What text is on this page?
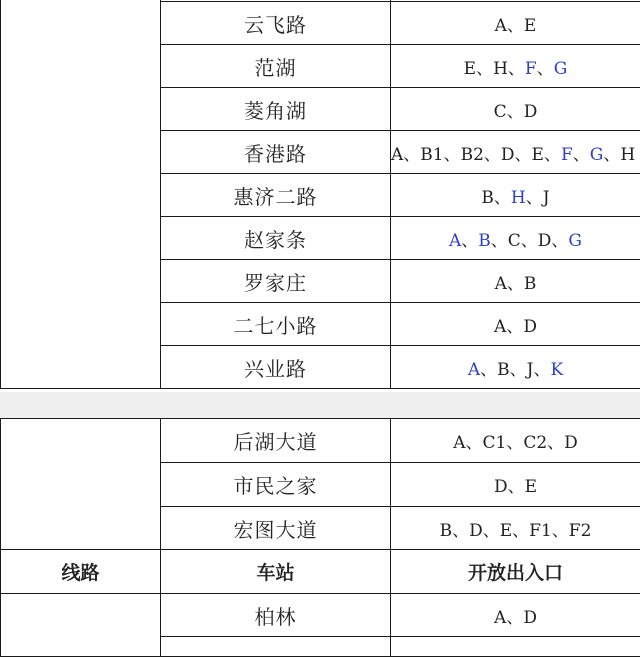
	云飞路	A、E
	范湖	E、H、F、G
	菱角湖	C、D
	香港路	A、B1、B2、D、E、F、G、H
	惠济二路	B、H、J
	赵家条	A、B、C、D、G
	罗家庄	A、B
	二七小路	A、D
	兴业路	A、B、J、K
	后湖大道	A、C1、C2、D
	市民之家	D、E
	宏图大道	B、D、E、F1、F2
线路	车站	开放出入口
	柏林	A、D
